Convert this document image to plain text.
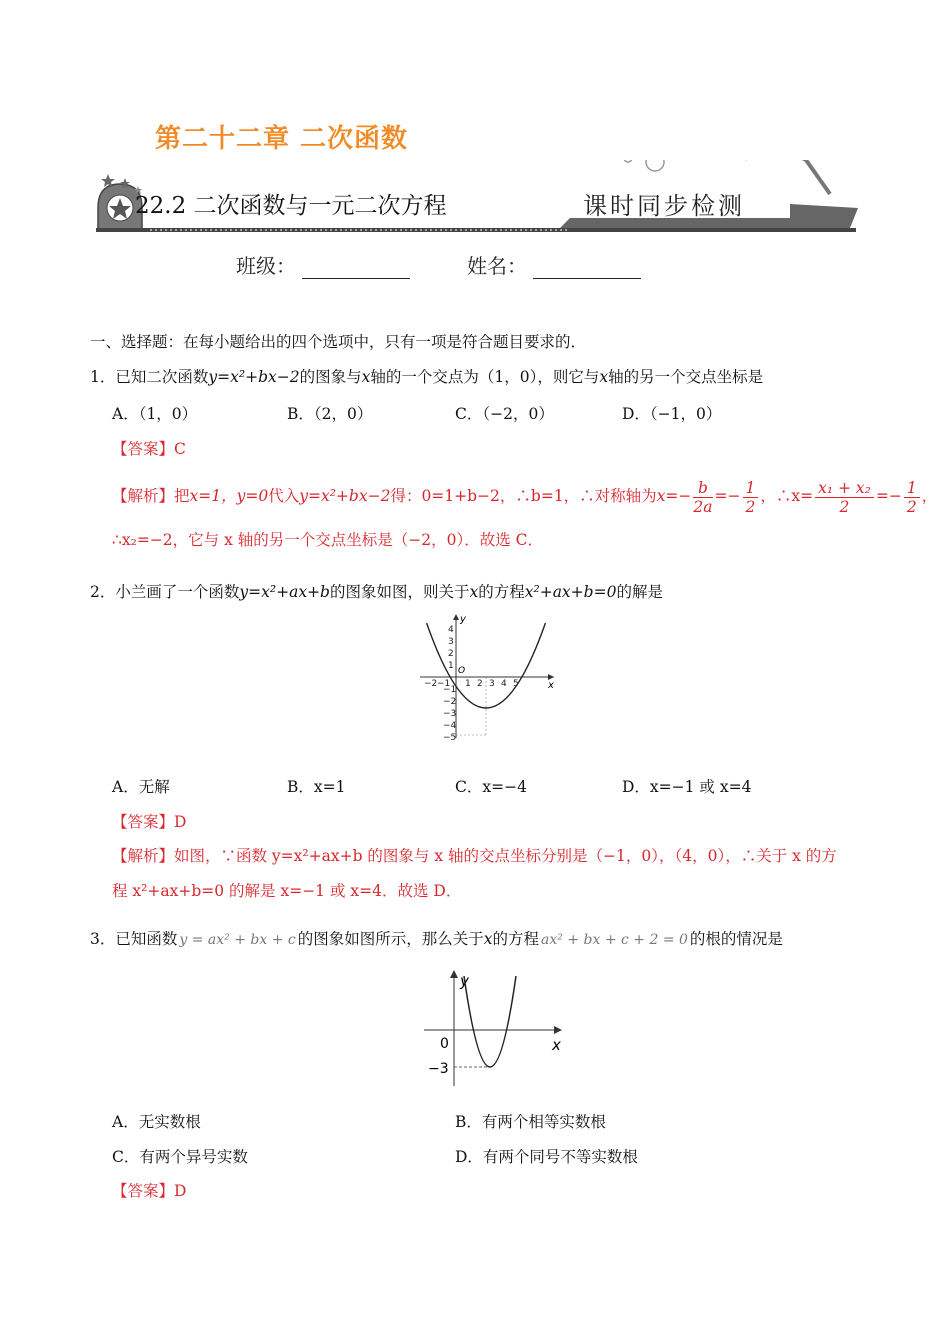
第二十二章 二次函数
22.2 二次函数与一元二次方程	课时同步检测
班级：	姓名：
一、选择题：在每小题给出的四个选项中，只有一项是符合题目要求的．
1．已知二次函数y=x²+bx−2的图象与x轴的一个交点为（1，0），则它与x轴的另一个交点坐标是
A．（1，0）	B．（2，0）	C．（−2，0）	D．（−1，0）
【答案】C
【解析】把x=1，y=0代入y=x²+bx−2得：0=1+b−2，∴b=1，∴对称轴为$x=- \frac{b}{2a} =- \frac{1}{2}$ ，∴x= $\frac{\text{x₁ + x₂}}{2} =- \frac{1}{2}$ ，
∴x₂=−2，它与 x 轴的另一个交点坐标是（−2，0）．故选 C．
2．小兰画了一个函数y=x²+ax+b的图象如图，则关于x的方程x²+ax+b=0的解是
y
x
O
−2 −1 1 2 3 4 5
4
3
2
1
−1
−2
−3
−4
−5
A．无解	B．x=1	C．x=−4	D．x=−1 或 x=4
【答案】D
【解析】如图，∵函数 y=x²+ax+b 的图象与 x 轴的交点坐标分别是（−1，0），（4，0），∴关于 x 的方
程 x²+ax+b=0 的解是 x=−1 或 x=4．故选 D．
3．已知函数 y = ax² + bx + c 的图象如图所示，那么关于x的方程 ax² + bx + c + 2 = 0 的根的情况是
y
x
0
−3
A．无实数根	B．有两个相等实数根
C．有两个异号实数	D．有两个同号不等实数根
【答案】D
